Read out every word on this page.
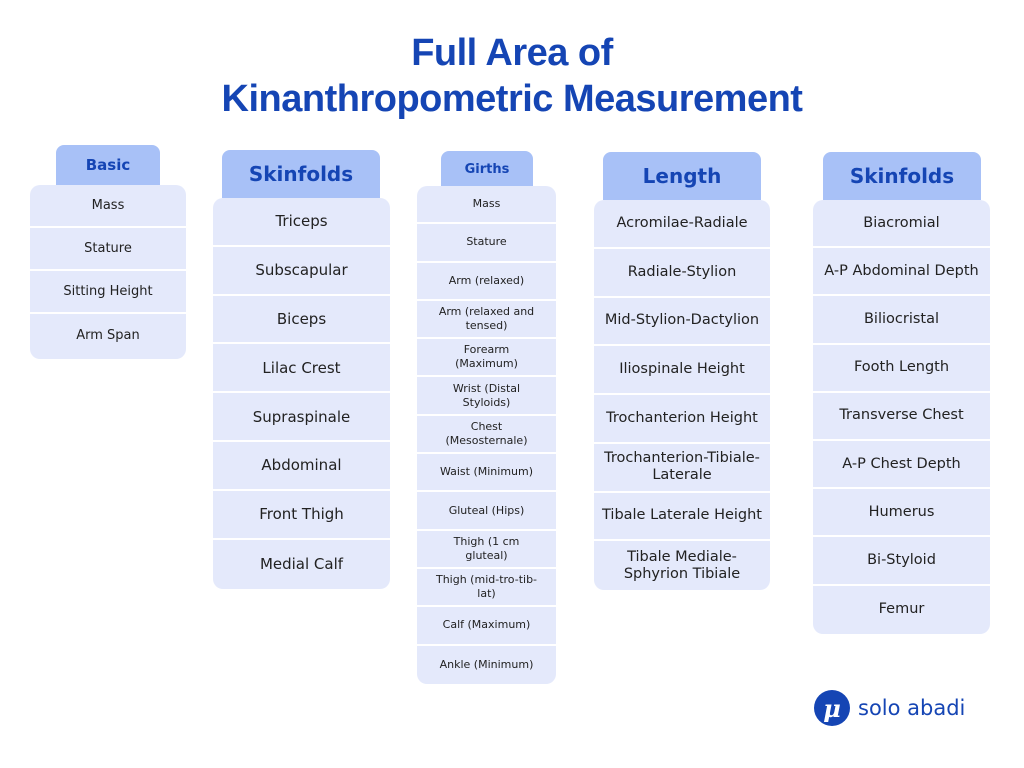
Full Area of
Kinanthropometric Measurement
Basic
Mass
Stature
Sitting Height
Arm Span
Skinfolds
Triceps
Subscapular
Biceps
Lilac Crest
Supraspinale
Abdominal
Front Thigh
Medial Calf
Girths
Mass
Stature
Arm (relaxed)
Arm (relaxed and tensed)
Forearm (Maximum)
Wrist (Distal Styloids)
Chest (Mesosternale)
Waist (Minimum)
Gluteal (Hips)
Thigh (1 cm gluteal)
Thigh (mid-tro-tib-lat)
Calf (Maximum)
Ankle (Minimum)
Length
Acromilae-Radiale
Radiale-Stylion
Mid-Stylion-Dactylion
Iliospinale Height
Trochanterion Height
Trochanterion-Tibiale-Laterale
Tibale Laterale Height
Tibale Mediale-Sphyrion Tibiale
Skinfolds
Biacromial
A-P Abdominal Depth
Biliocristal
Footh Length
Transverse Chest
A-P Chest Depth
Humerus
Bi-Styloid
Femur
μ solo abadi
